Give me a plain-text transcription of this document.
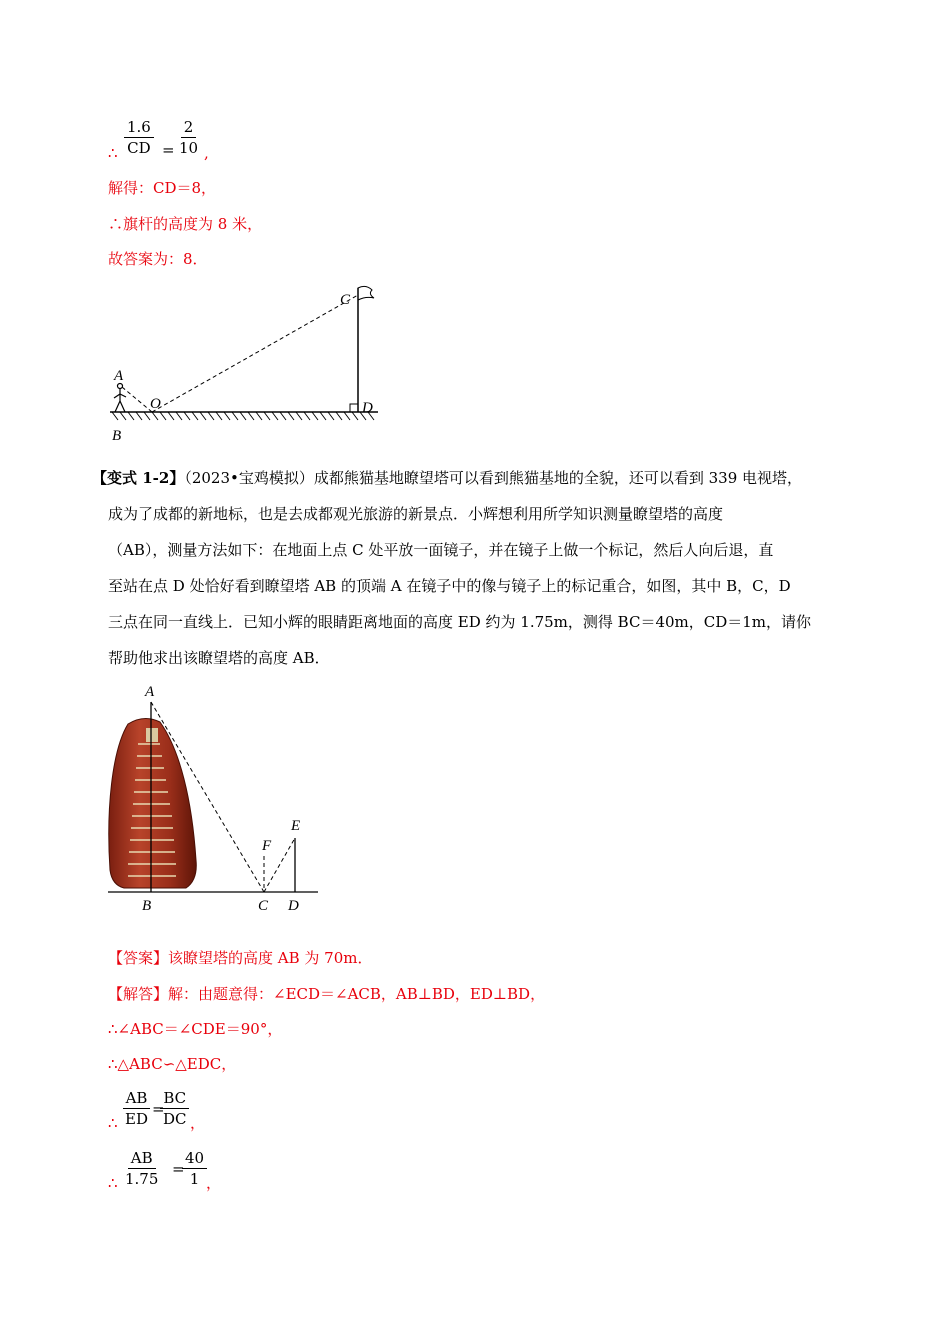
∴ $\frac{1.6}{CD} = \frac{2}{10}$ ,
解得：CD＝8，
∴旗杆的高度为 8 米，
故答案为：8．
A
B
O
C
D
【变式 1-2】（2023•宝鸡模拟）成都熊猫基地瞭望塔可以看到熊猫基地的全貌，还可以看到 339 电视塔，
成为了成都的新地标，也是去成都观光旅游的新景点．小辉想利用所学知识测量瞭望塔的高度
（AB），测量方法如下：在地面上点 C 处平放一面镜子，并在镜子上做一个标记，然后人向后退，直
至站在点 D 处恰好看到瞭望塔 AB 的顶端 A 在镜子中的像与镜子上的标记重合，如图，其中 B，C，D
三点在同一直线上．已知小辉的眼睛距离地面的高度 ED 约为 1.75m，测得 BC＝40m，CD＝1m，请你
帮助他求出该瞭望塔的高度 AB．
A
B	C D
E
F
【答案】该瞭望塔的高度 AB 为 70m．
【解答】解：由题意得：∠ECD＝∠ACB，AB⊥BD，ED⊥BD，
∴∠ABC＝∠CDE＝90°，
∴△ABC∽△EDC，
∴ $\frac{AB}{ED}$ =
$\frac{BC}{DC}$ ，
∴ $\frac{AB}{1.75}$ =
$\frac{40}{1}$
，
